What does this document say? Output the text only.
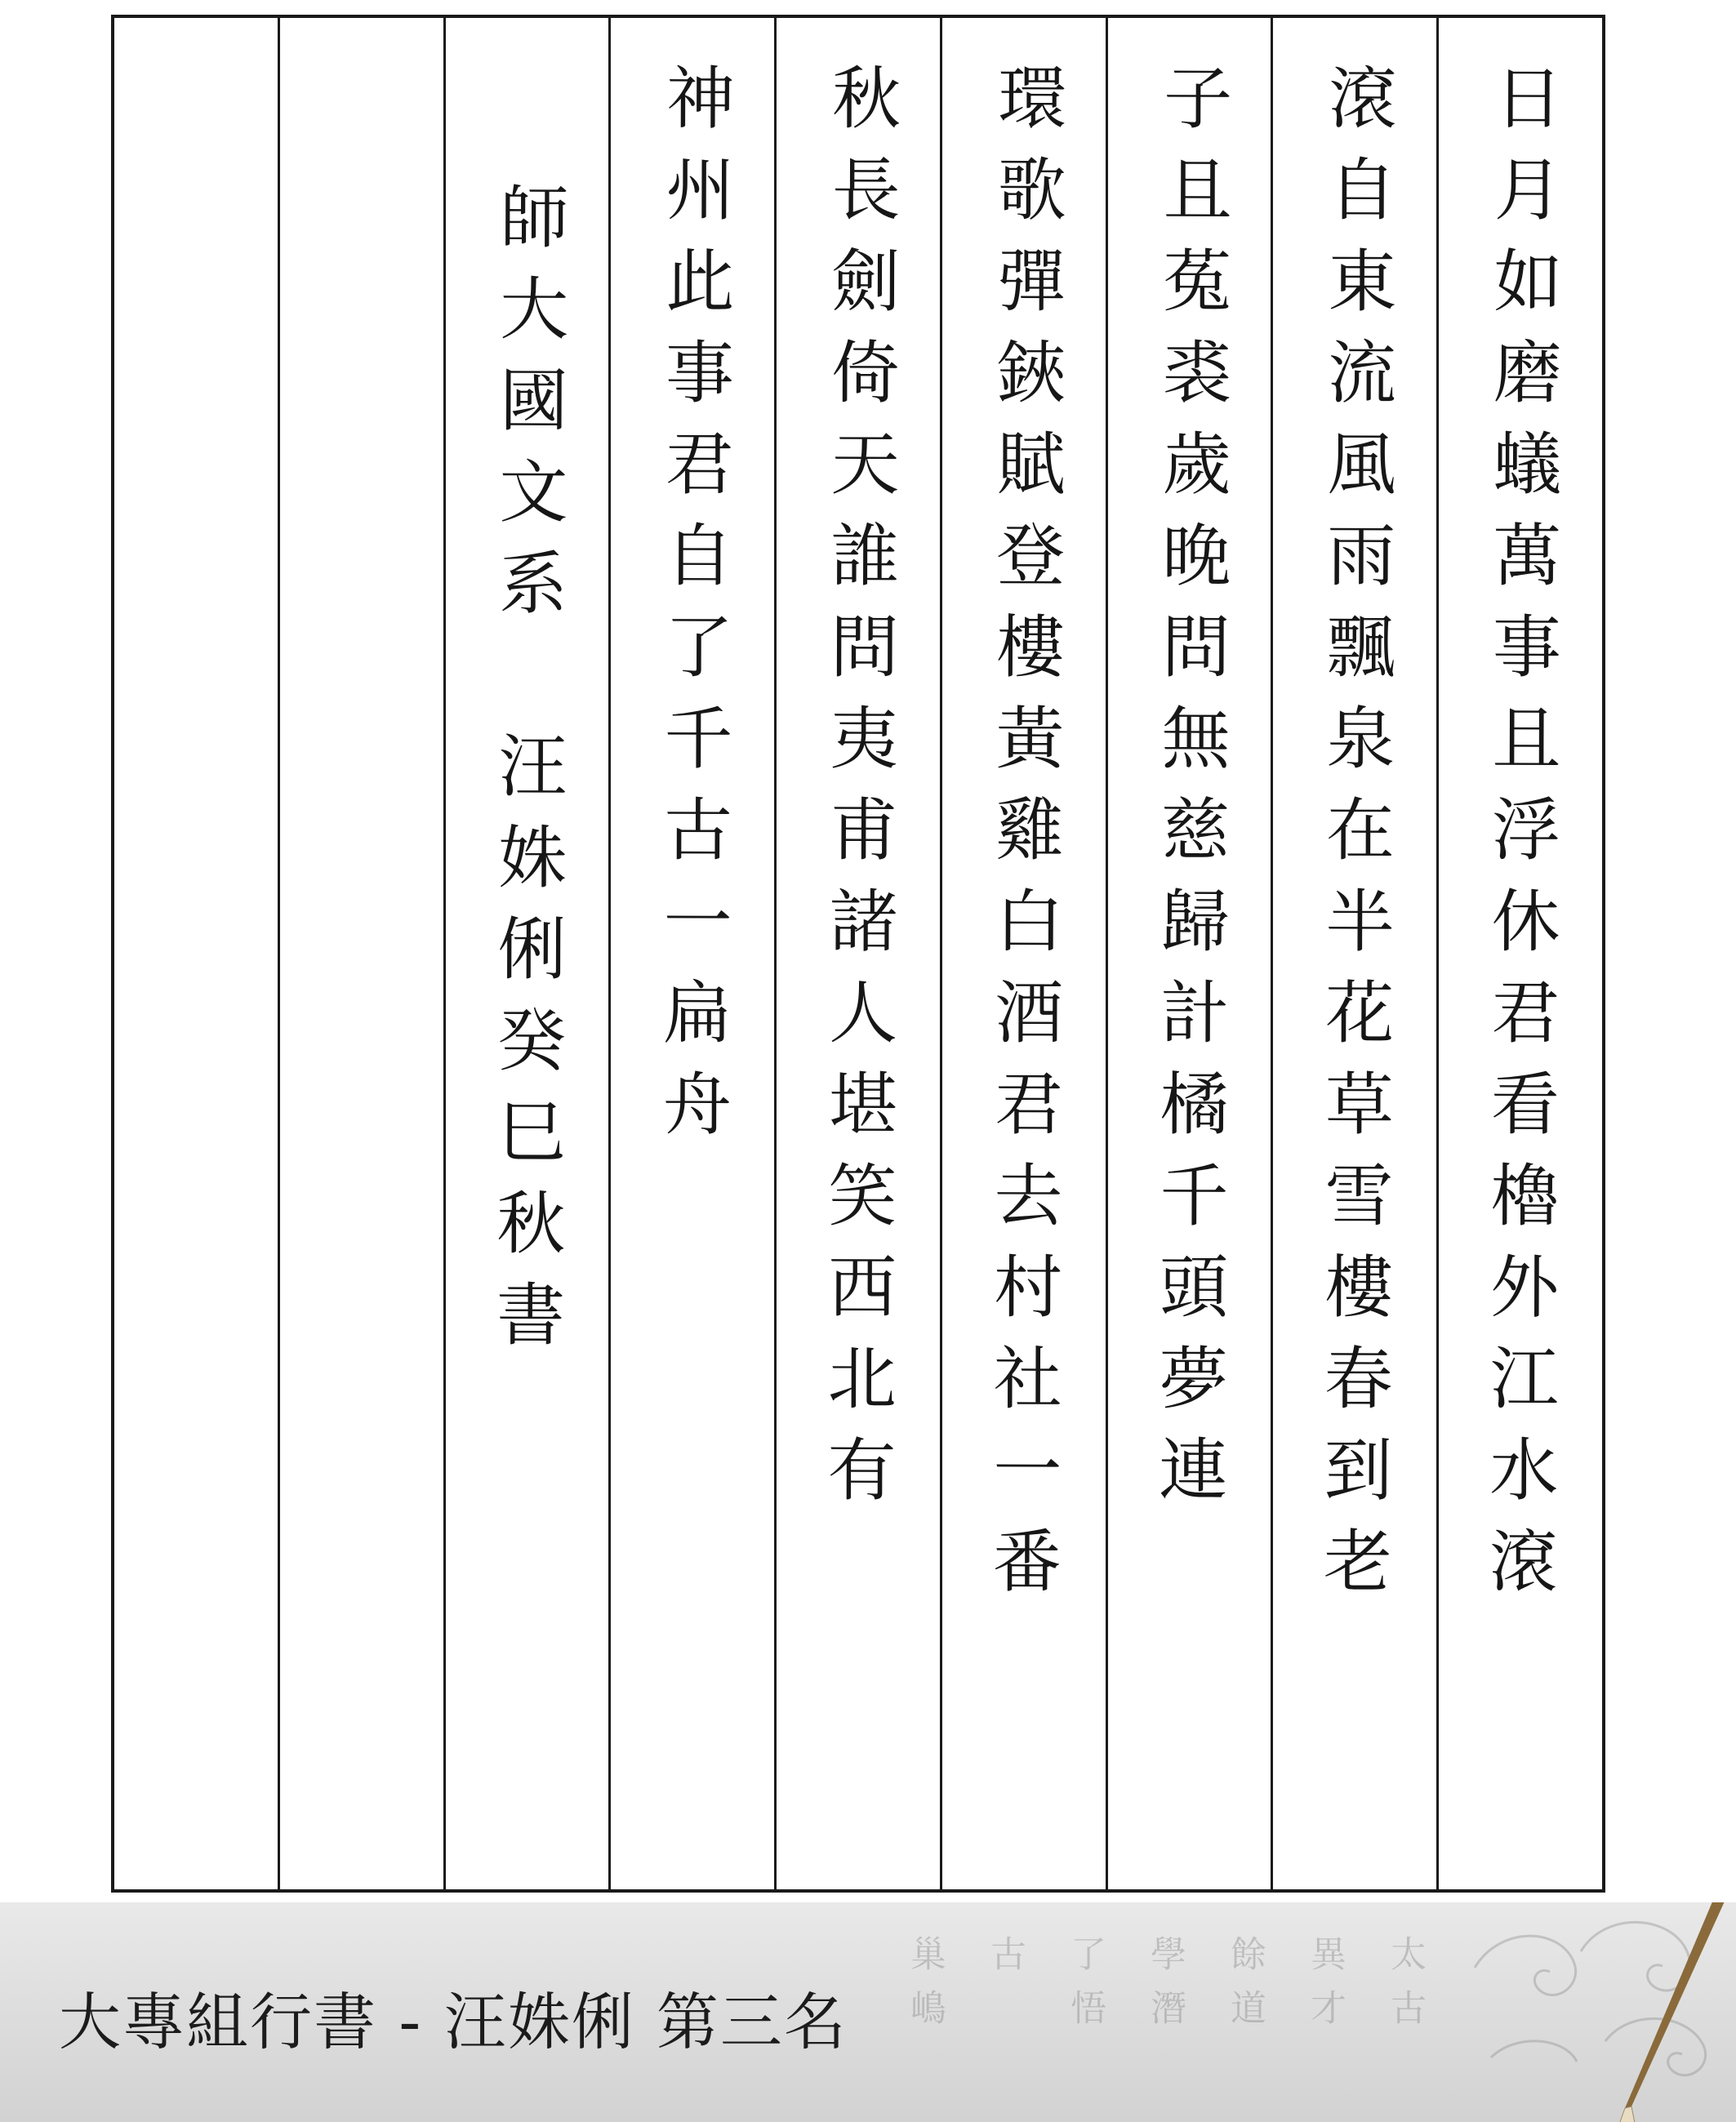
師大國文系　汪姝俐癸巳秋書 神州此事君自了千古一扁舟 秋長劍倚天誰問夷甫諸人堪笑西北有 環歌彈鋏賦登樓黃雞白酒君去村社一番 子且菟裘歲晚問無慈歸計橘千頭夢連 滾自東流風雨飄泉在半花草雪樓春到老 日月如磨蟻萬事且浮休君看櫓外江水滾
巢嶋 古 了悟 學潛 餘道 異才 太古
大專組行書 - 汪姝俐 第三名
